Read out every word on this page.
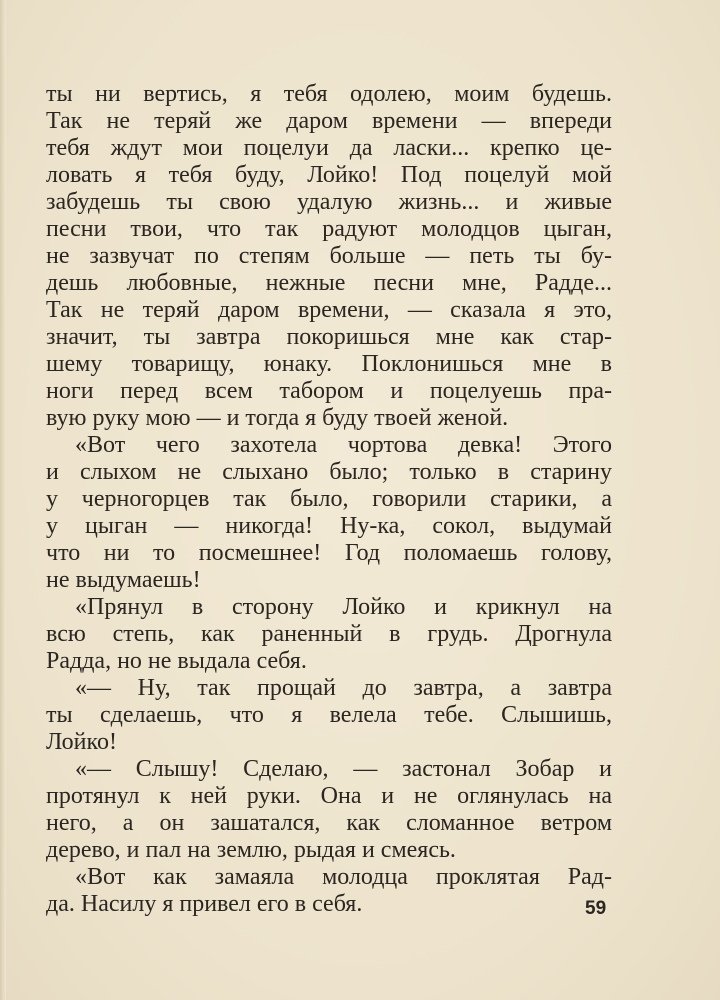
ты ни вертись, я тебя одолею, моим будешь.
Так не теряй же даром времени — впереди
тебя ждут мои поцелуи да ласки... крепко це-
ловать я тебя буду, Лойко! Под поцелуй мой
забудешь ты свою удалую жизнь... и живые
песни твои, что так радуют молодцов цыган,
не зазвучат по степям больше — петь ты бу-
дешь любовные, нежные песни мне, Радде...
Так не теряй даром времени, — сказала я это,
значит, ты завтра покоришься мне как стар-
шему товарищу, юнаку. Поклонишься мне в
ноги перед всем табором и поцелуешь пра-
вую руку мою — и тогда я буду твоей женой.
«Вот чего захотела чортова девка! Этого
и слыхом не слыхано было; только в старину
у черногорцев так было, говорили старики, а
у цыган — никогда! Ну-ка, сокол, выдумай
что ни то посмешнее! Год поломаешь голову,
не выдумаешь!
«Прянул в сторону Лойко и крикнул на
всю степь, как раненный в грудь. Дрогнула
Радда, но не выдала себя.
«— Ну, так прощай до завтра, а завтра
ты сделаешь, что я велела тебе. Слышишь,
Лойко!
«— Слышу! Сделаю, — застонал Зобар и
протянул к ней руки. Она и не оглянулась на
него, а он зашатался, как сломанное ветром
дерево, и пал на землю, рыдая и смеясь.
«Вот как замаяла молодца проклятая Рад-
да. Насилу я привел его в себя.	59
